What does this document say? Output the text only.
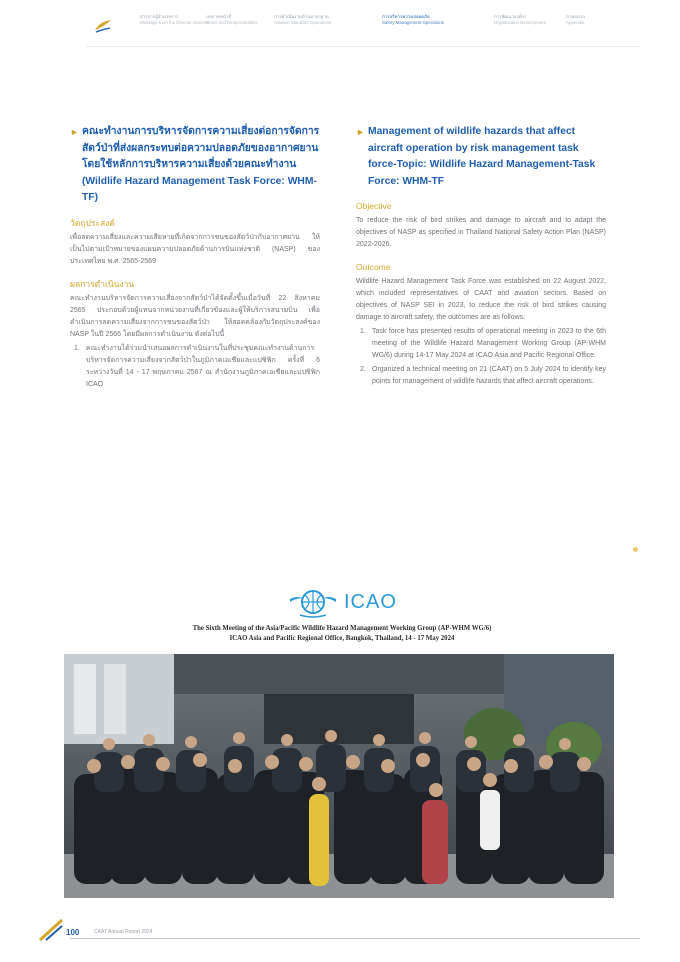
สารจากผู้อำนวยการ
Message from the Director General
บทบาทหน้าที่
Roles and Responsibilities
การดำเนินงานด้านมาตรฐาน
Aviation Standard Operations
การบริหารความปลอดภัย
Safety Management Operations
การพัฒนาองค์กร
Organization Development
ภาคผนวก
Appendix
► คณะทำงานการบริหารจัดการความเสี่ยงต่อการจัดการสัตว์ป่าที่ส่งผลกระทบต่อความปลอดภัยของอากาศยาน โดยใช้หลักการบริหารความเสี่ยงด้วยคณะทำงาน (Wildlife Hazard Management Task Force: WHM-TF)
วัตถุประสงค์
เพื่อลดความเสี่ยงและความเสียหายที่เกิดจากการชนของสัตว์ป่ากับอากาศยาน ให้เป็นไปตามเป้าหมายของแผนความปลอดภัยด้านการบินแห่งชาติ (NASP) ของประเทศไทย พ.ศ. 2565-2569
ผลการดำเนินงาน
คณะทำงานบริหารจัดการความเสี่ยงจากสัตว์ป่าได้จัดตั้งขึ้นเมื่อวันที่ 22 สิงหาคม 2565 ประกอบด้วยผู้แทนจากหน่วยงานที่เกี่ยวข้องและผู้ให้บริการสนามบิน เพื่อดำเนินการลดความเสี่ยงจากการชนของสัตว์ป่า ให้สอดคล้องกับวัตถุประสงค์ของ NASP ในปี 2566 โดยมีผลการดำเนินงาน ดังต่อไปนี้
1. คณะทำงานได้ร่วมนำเสนอผลการดำเนินงานในที่ประชุมคณะทำงานด้านการบริหารจัดการความเสี่ยงจากสัตว์ป่าในภูมิภาคเอเชียและแปซิฟิก ครั้งที่ 6 ระหว่างวันที่ 14 - 17 พฤษภาคม 2567 ณ สำนักงานภูมิภาคเอเชียและแปซิฟิก ICAO
► Management of wildlife hazards that affect aircraft operation by risk management task force-Topic: Wildlife Hazard Management-Task Force: WHM-TF
Objective
To reduce the risk of bird strikes and damage to aircraft and to adapt the objectives of NASP as specified in Thailand National Safety Action Plan (NASP) 2022-2026.
Outcome
Wildlife Hazard Management Task Force was established on 22 August 2022, which included representatives of CAAT and aviation sectors. Based on objectives of NASP SEI in 2023, to reduce the risk of bird strikes causing damage to aircraft safety, the outcomes are as follows:
1. Task force has presented results of operational meeting in 2023 to the 6th meeting of the Wildlife Hazard Management Working Group (AP-WHM WG/6) during 14-17 May 2024 at ICAO Asia and Pacific Regional Office.
2. Organized a technical meeting on 21 (CAAT) on 5 July 2024 to identify key points for management of wildlife hazards that affect aircraft operations.
ICAO
The Sixth Meeting of the Asia/Pacific Wildlife Hazard Management Working Group (AP-WHM WG/6)
ICAO Asia and Pacific Regional Office, Bangkok, Thailand, 14 - 17 May 2024
100	CAAT Annual Report 2024
